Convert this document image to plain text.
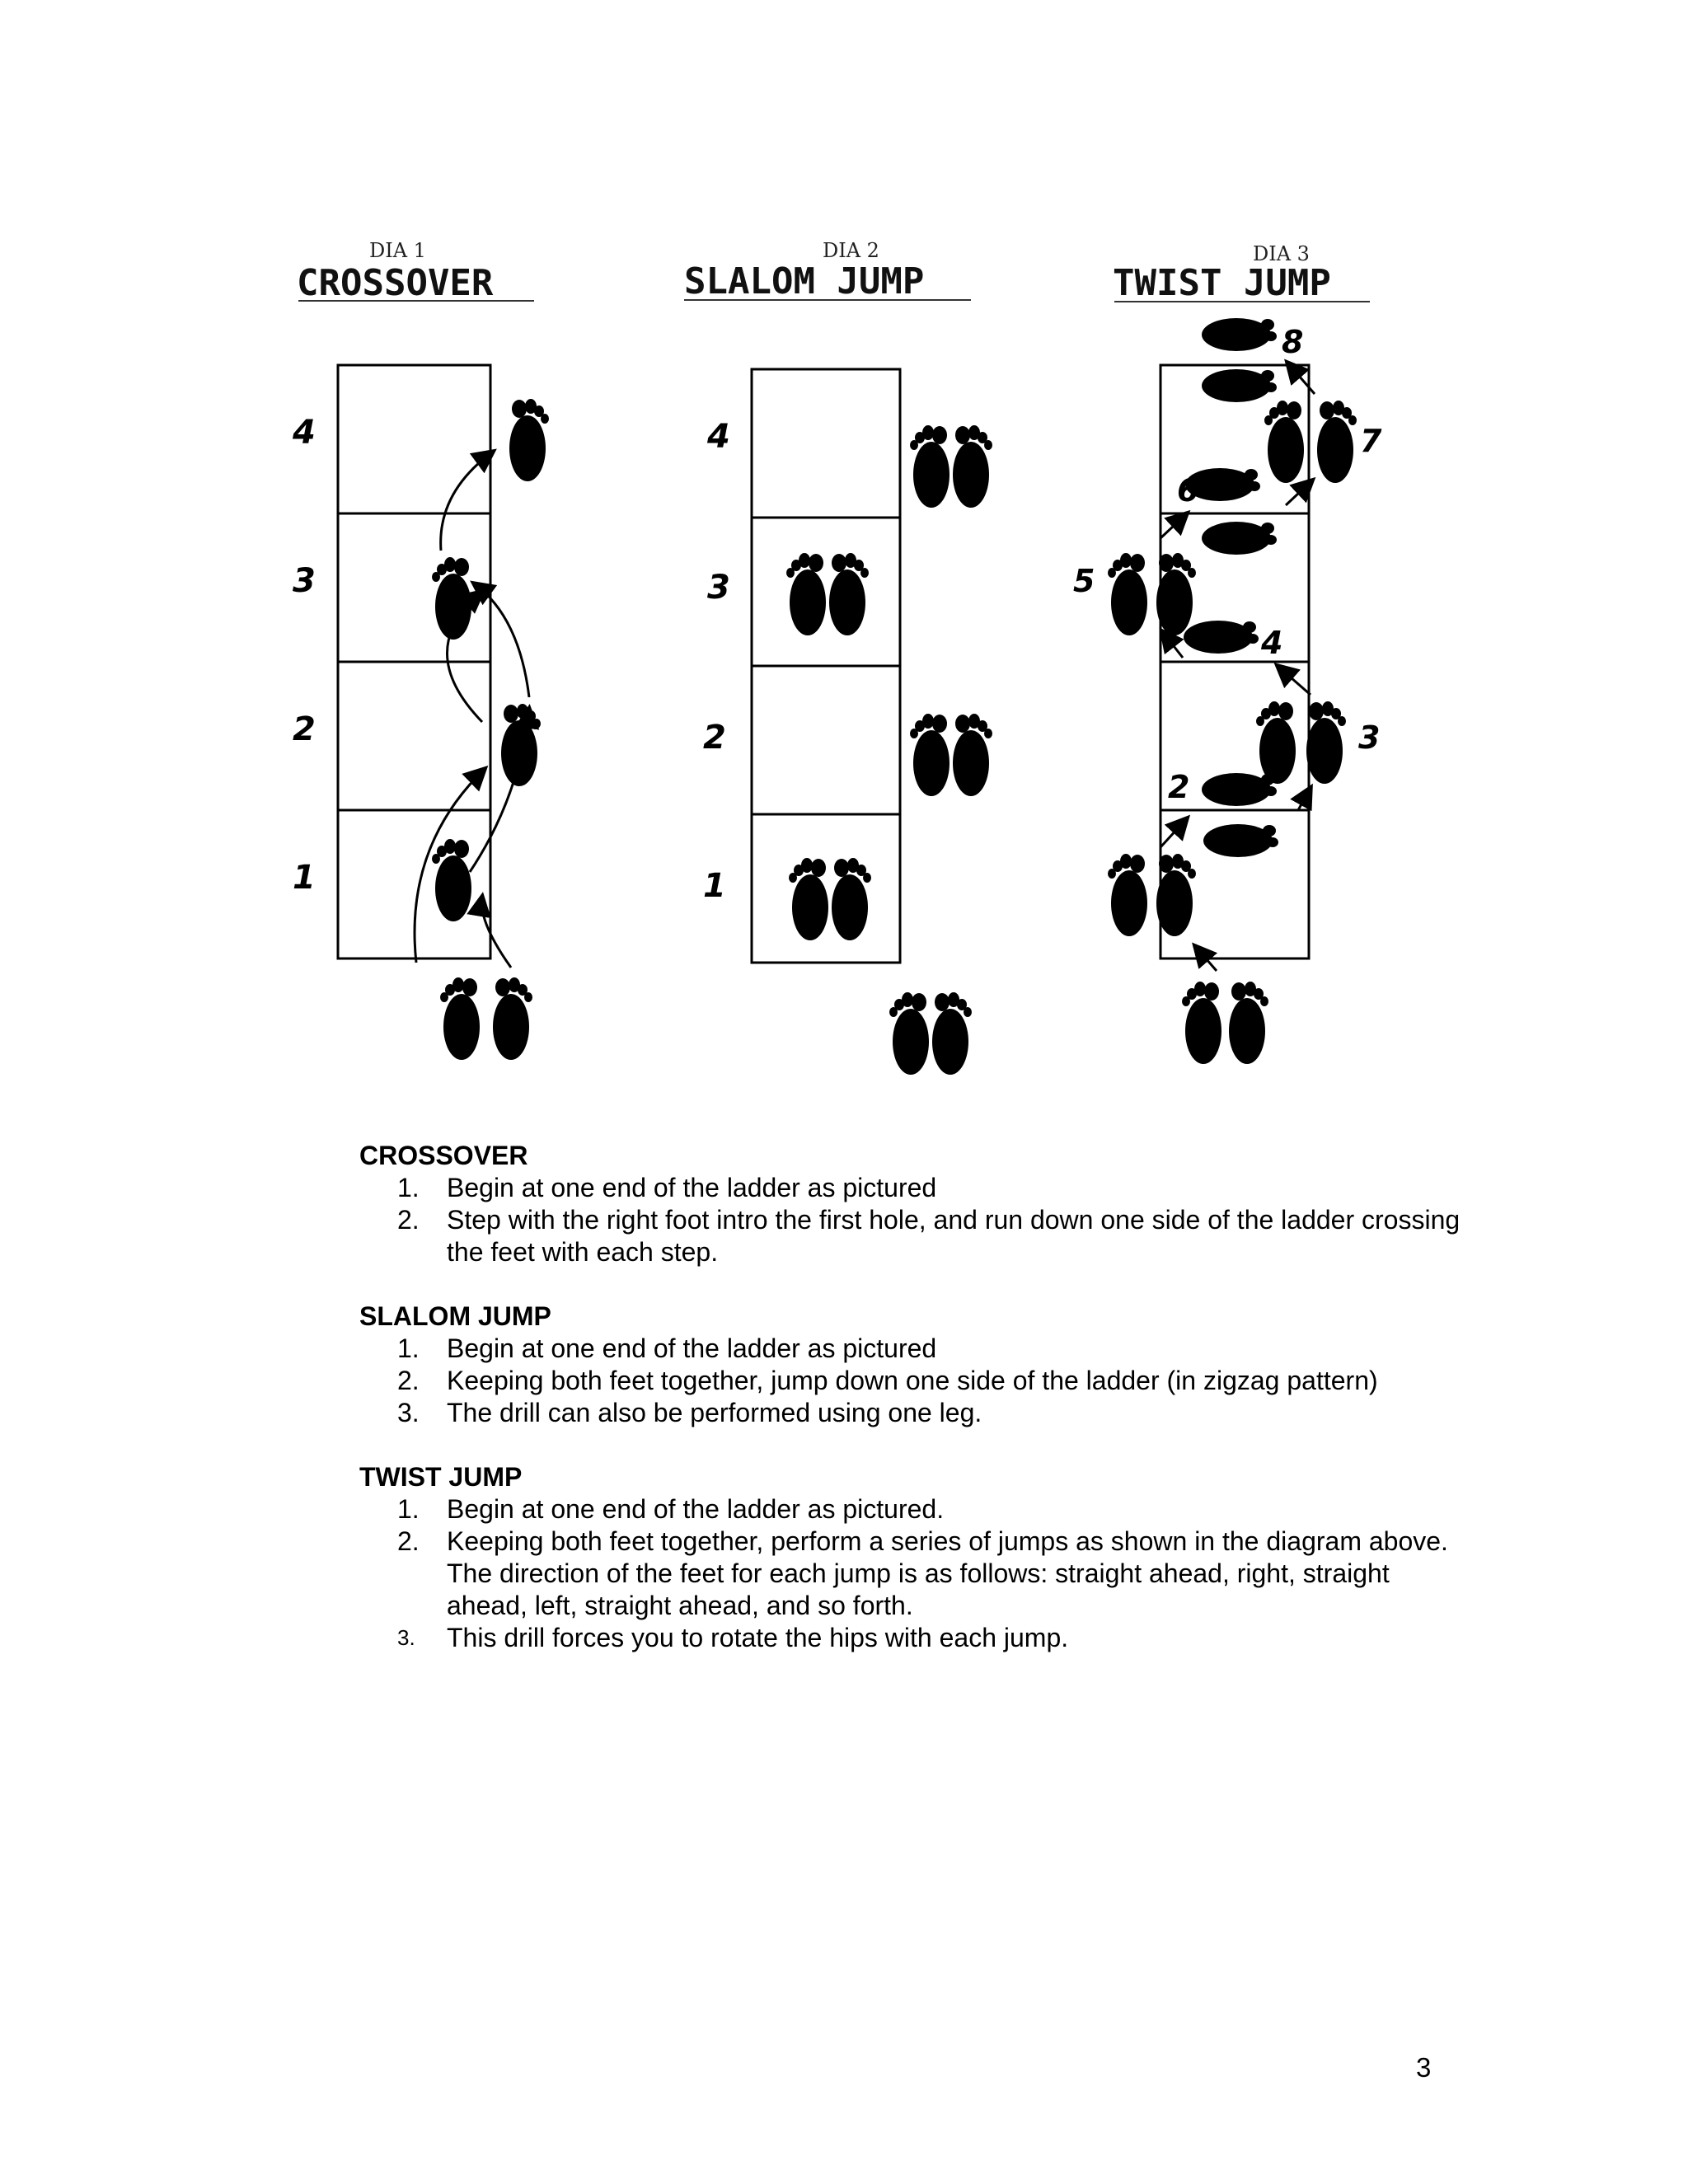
DIA 1
CROSSOVER
4
3
2
1
DIA 2
SLALOM JUMP
4
3
2
1
DIA 3
TWIST JUMP
1
2
3
4
5
6
7
8
CROSSOVER
1. Begin at one end of the ladder as pictured
2. Step with the right foot intro the first hole, and run down one side of the ladder crossing the feet with each step.
SLALOM JUMP
1. Begin at one end of the ladder as pictured
2. Keeping both feet together, jump down one side of the ladder (in zigzag pattern)
3. The drill can also be performed using one leg.
TWIST JUMP
1. Begin at one end of the ladder as pictured.
2. Keeping both feet together, perform a series of jumps as shown in the diagram above. The direction of the feet for each jump is as follows: straight ahead, right, straight ahead, left, straight ahead, and so forth.
3. This drill forces you to rotate the hips with each jump.
3
